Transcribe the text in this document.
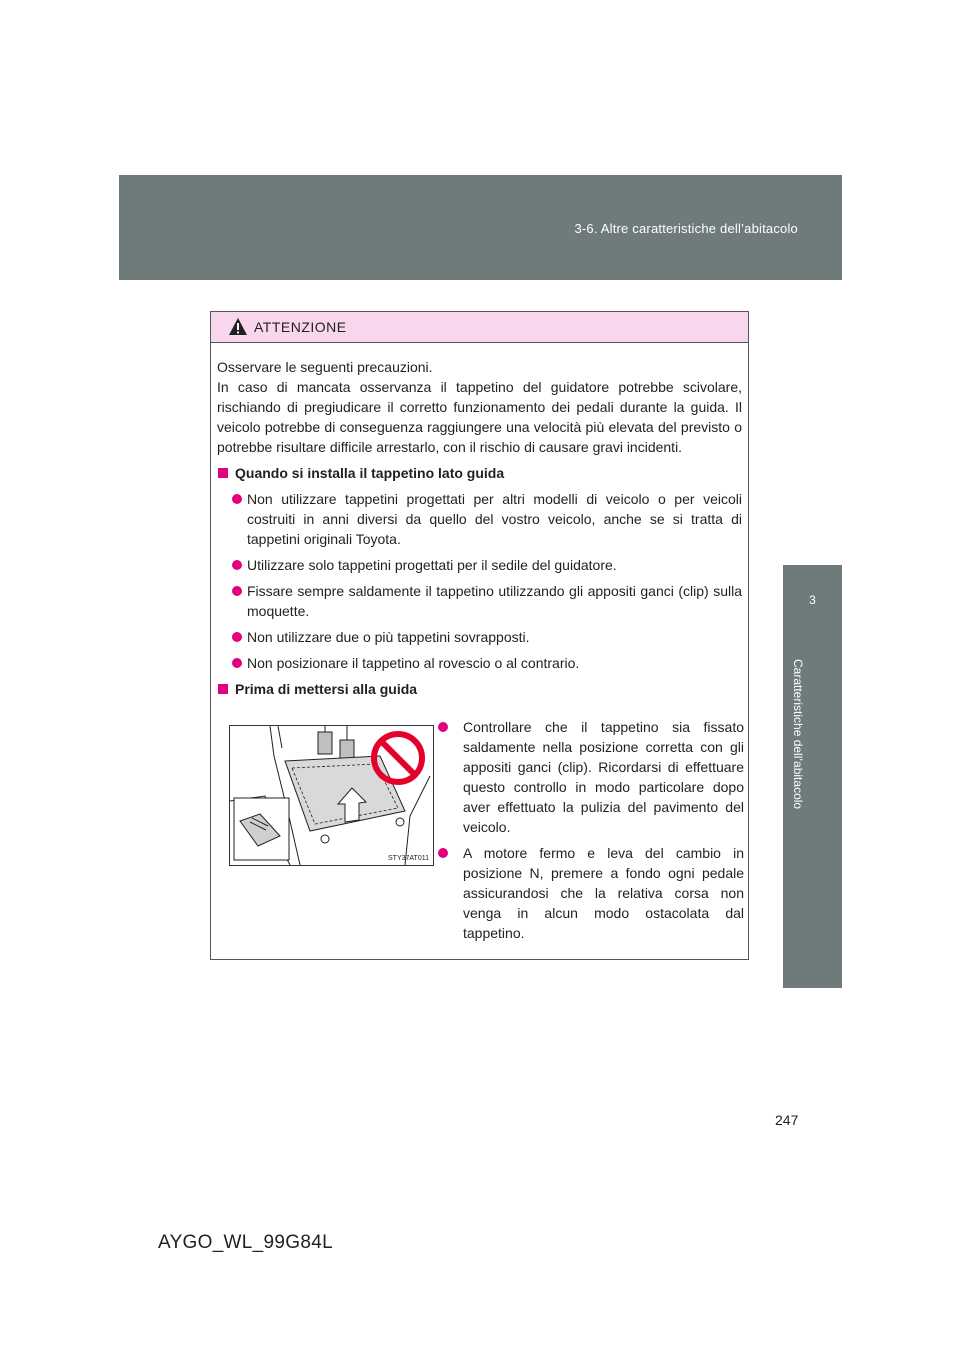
3-6. Altre caratteristiche dell’abitacolo
3
Caratteristiche dell’abitacolo
ATTENZIONE

Osservare le seguenti precauzioni.

In caso di mancata osservanza il tappetino del guidatore potrebbe scivolare, rischiando di pregiudicare il corretto funzionamento dei pedali durante la guida. Il veicolo potrebbe di conseguenza raggiungere una velocità più elevata del previsto o potrebbe risultare difficile arrestarlo, con il rischio di causare gravi incidenti.

Quando si installa il tappetino lato guida
Non utilizzare tappetini progettati per altri modelli di veicolo o per veicoli costruiti in anni diversi da quello del vostro veicolo, anche se si tratta di tappetini originali Toyota.
Utilizzare solo tappetini progettati per il sedile del guidatore.
Fissare sempre saldamente il tappetino utilizzando gli appositi ganci (clip) sulla moquette.
Non utilizzare due o più tappetini sovrapposti.
Non posizionare il tappetino al rovescio o al contrario.
Prima di mettersi alla guida
STY37AT011
Controllare che il tappetino sia fissato saldamente nella posizione corretta con gli appositi ganci (clip). Ricordarsi di effettuare questo controllo in modo particolare dopo aver effettuato la pulizia del pavimento del veicolo.
A motore fermo e leva del cambio in posizione N, premere a fondo ogni pedale assicurandosi che la relativa corsa non venga in alcun modo ostacolata dal tappetino.
247
AYGO_WL_99G84L
